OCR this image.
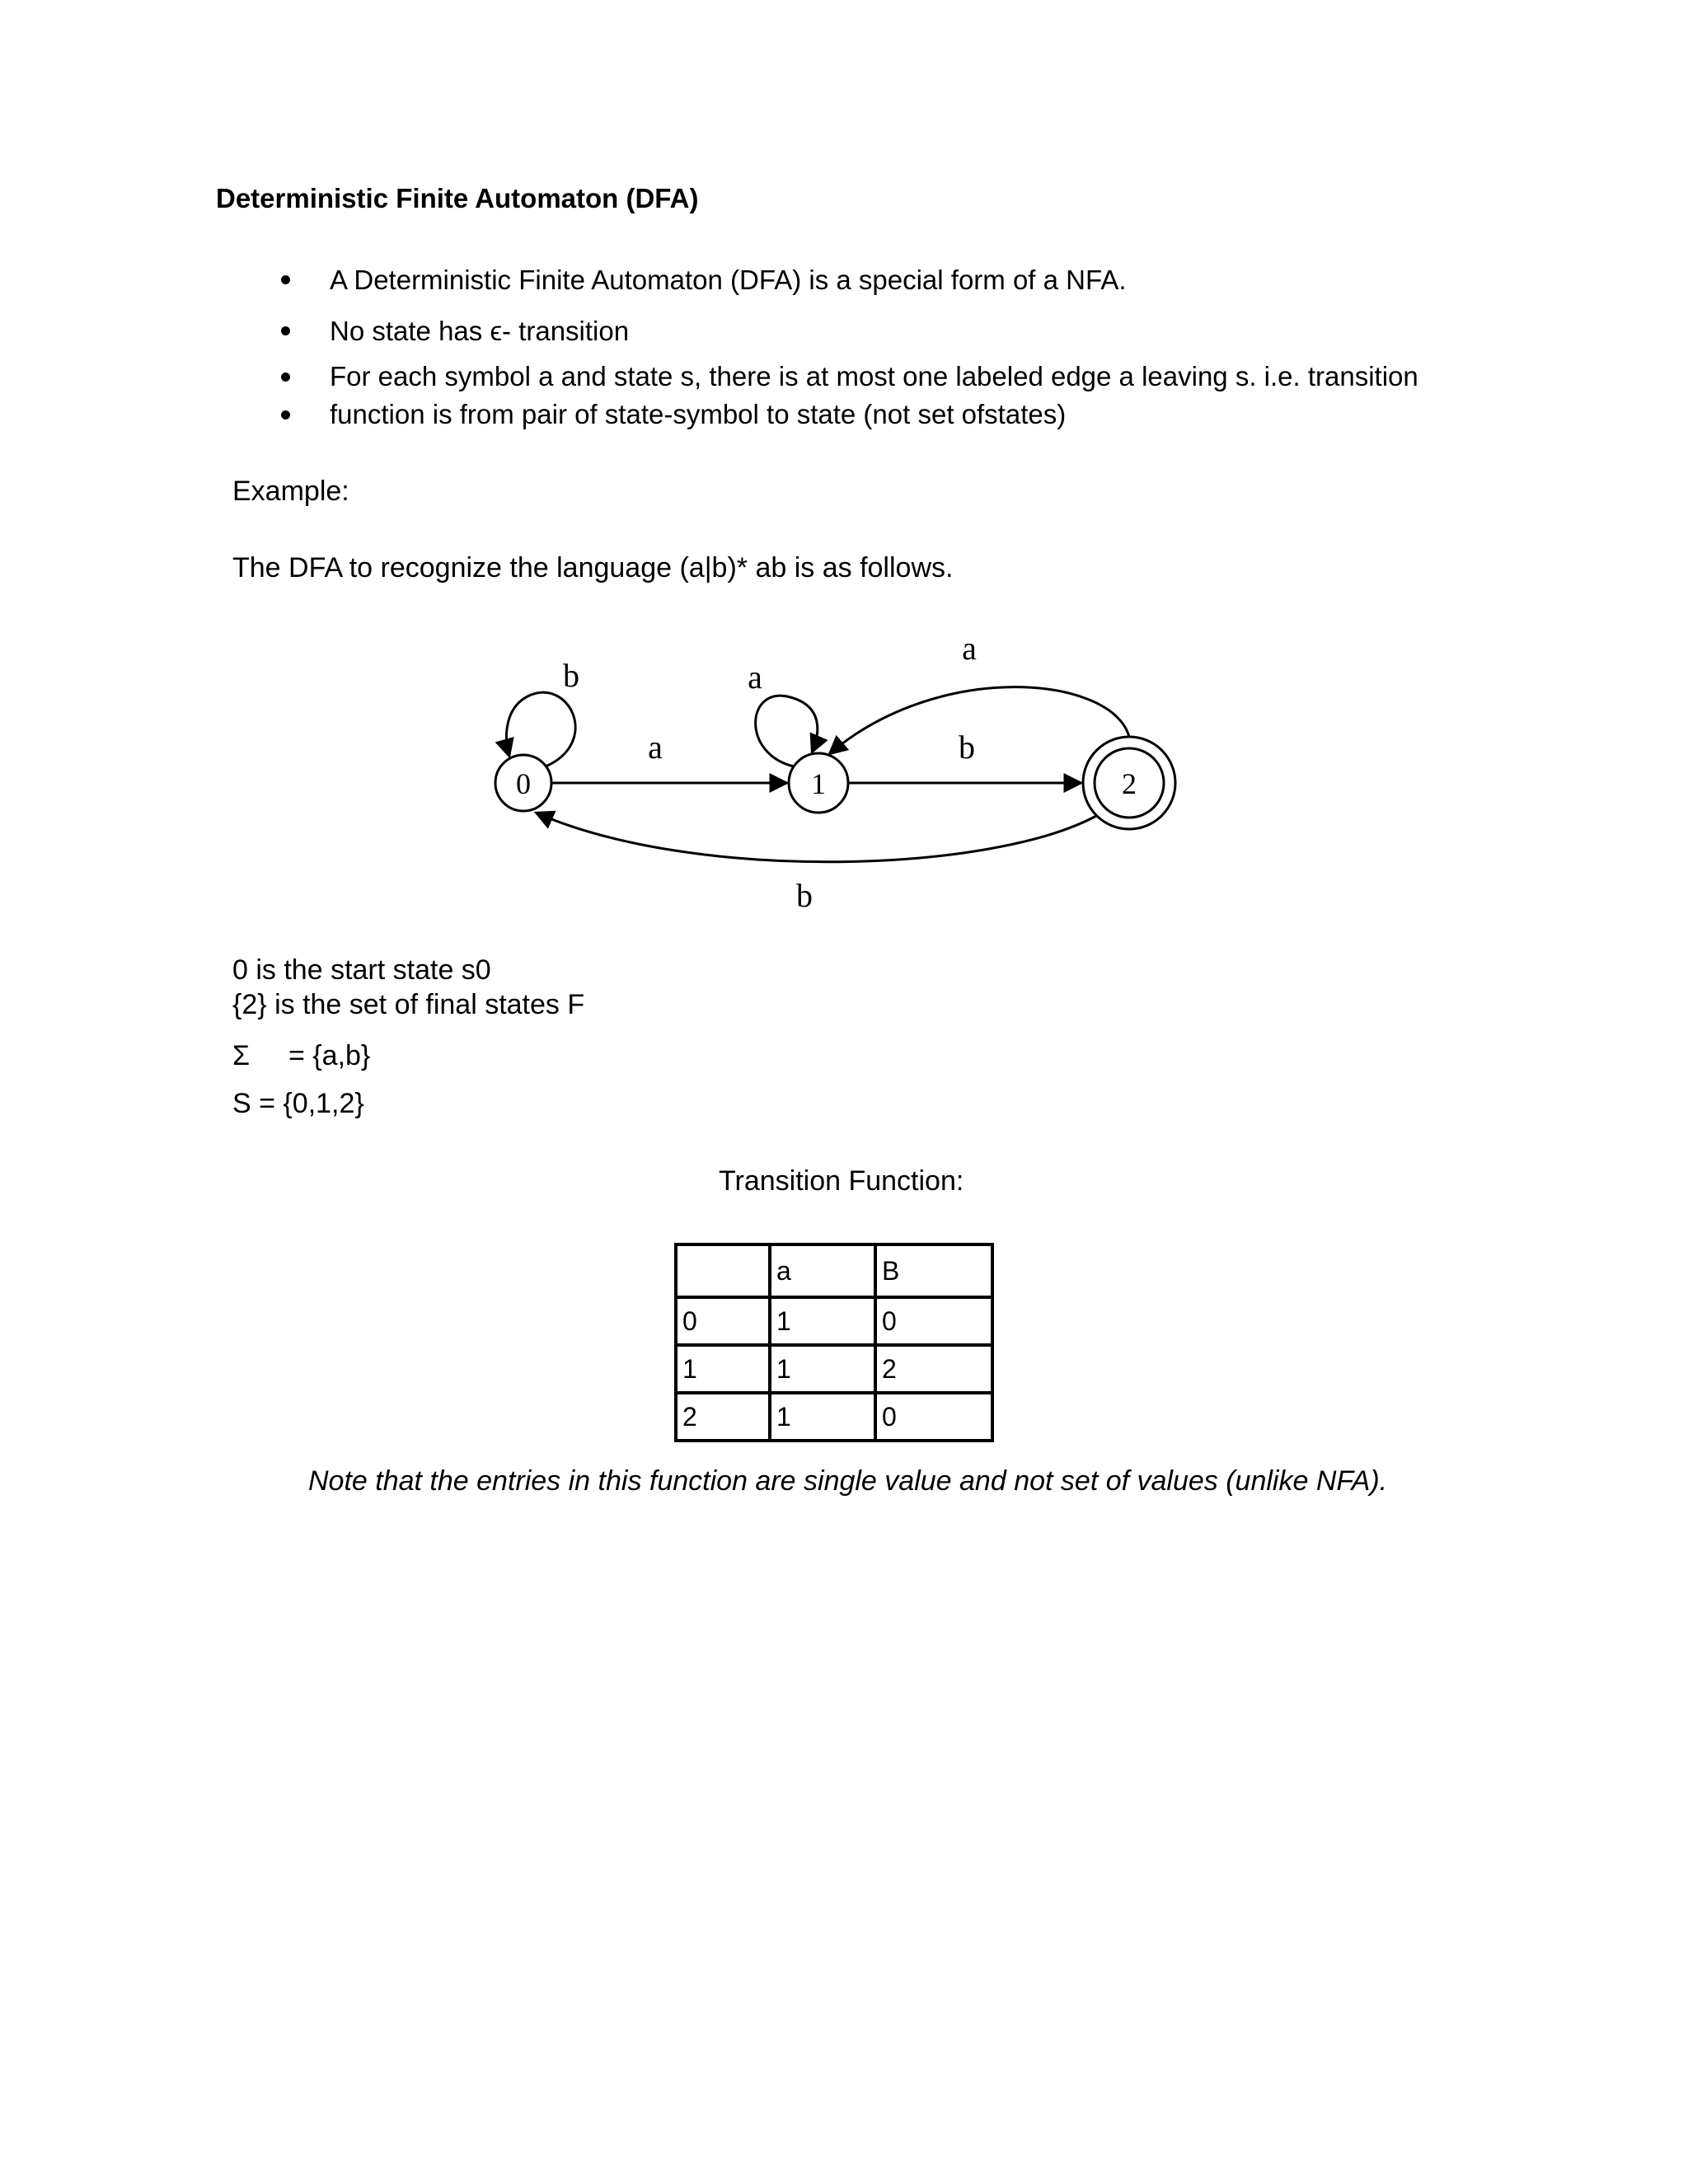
Deterministic Finite Automaton (DFA)
A Deterministic Finite Automaton (DFA) is a special form of a NFA.
No state has ϵ- transition
For each symbol a and state s, there is at most one labeled edge a leaving s. i.e. transition
function is from pair of state-symbol to state (not set ofstates)
Example:
The DFA to recognize the language (a|b)* ab is as follows.
0	1	2
b
a
a
b
a
b
0 is the start state s0
{2} is the set of final states F
Σ = {a,b}
S = {0,1,2}
Transition Function:
	a	B
0	1	0
1	1	2
2	1	0
Note that the entries in this function are single value and not set of values (unlike NFA).
